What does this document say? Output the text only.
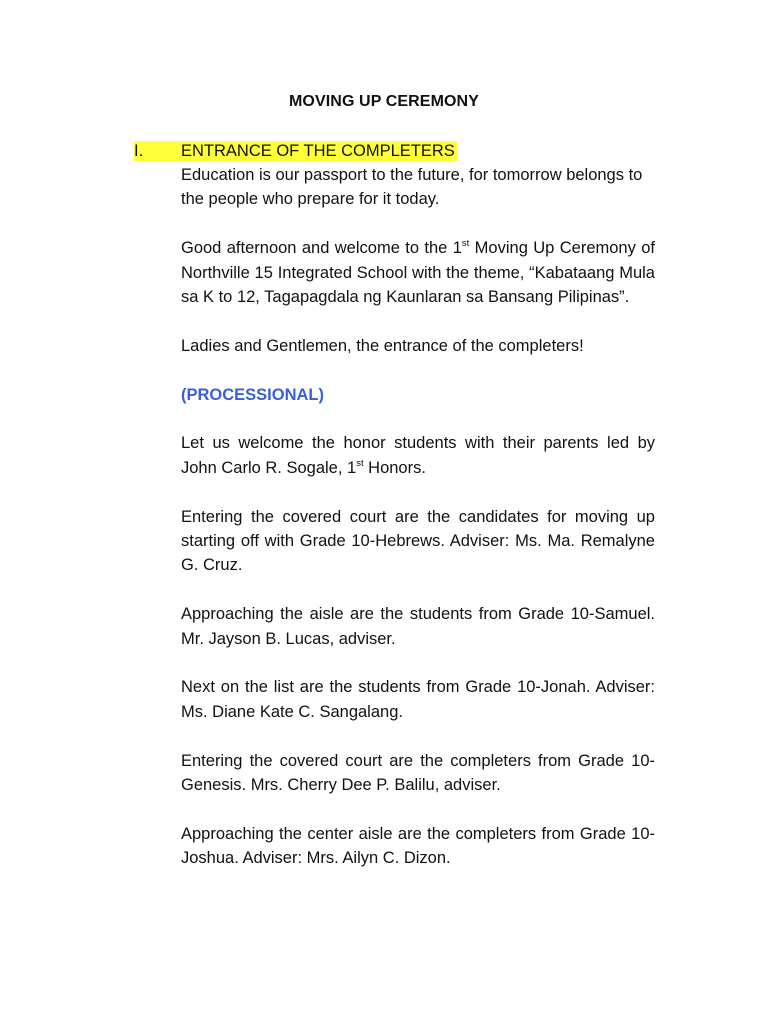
MOVING UP CEREMONY
I.	ENTRANCE OF THE COMPLETERS

Education is our passport to the future, for tomorrow belongs to the people who prepare for it today.

Good afternoon and welcome to the 1st Moving Up Ceremony of Northville 15 Integrated School with the theme, “Kabataang Mula sa K to 12, Tagapagdala ng Kaunlaran sa Bansang Pilipinas”.

Ladies and Gentlemen, the entrance of the completers!

(PROCESSIONAL)

Let us welcome the honor students with their parents led by John Carlo R. Sogale, 1st Honors.

Entering the covered court are the candidates for moving up starting off with Grade 10-Hebrews. Adviser: Ms. Ma. Remalyne G. Cruz.

Approaching the aisle are the students from Grade 10-Samuel. Mr. Jayson B. Lucas, adviser.

Next on the list are the students from Grade 10-Jonah. Adviser: Ms. Diane Kate C. Sangalang.

Entering the covered court are the completers from Grade 10-Genesis. Mrs. Cherry Dee P. Balilu, adviser.

Approaching the center aisle are the completers from Grade 10-Joshua. Adviser: Mrs. Ailyn C. Dizon.
